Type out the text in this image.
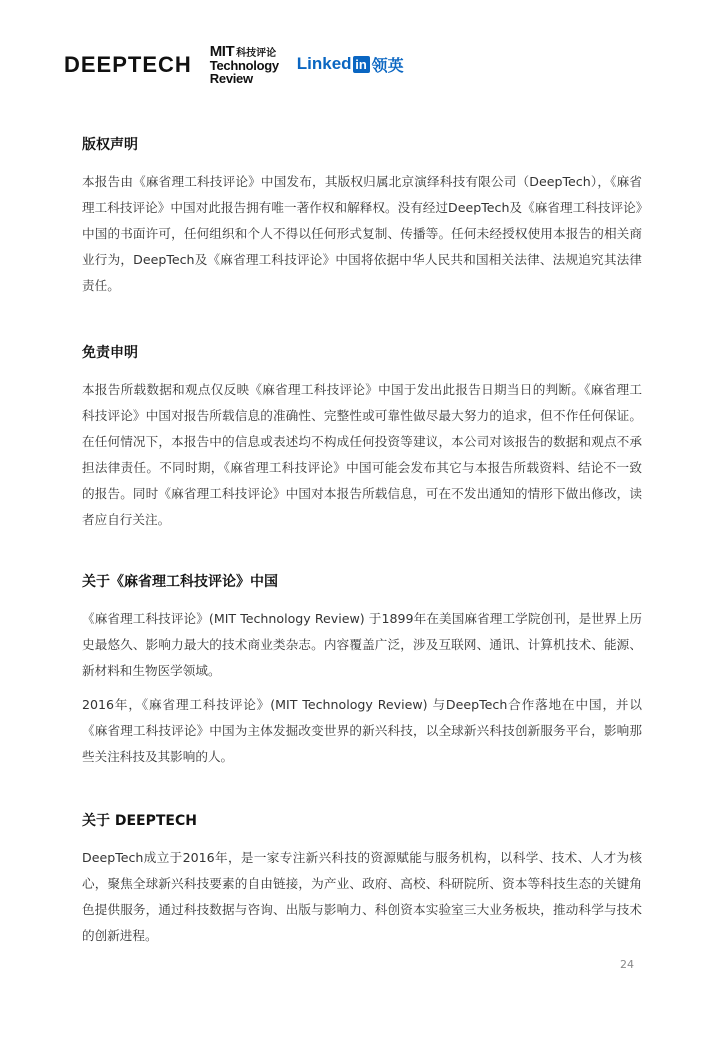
DEEPTECH
MIT 科技评论
Technology
Review
Linked in 领英
版权声明

本报告由《麻省理工科技评论》中国发布，其版权归属北京演绎科技有限公司（DeepTech），《麻省理工科技评论》中国对此报告拥有唯一著作权和解释权。没有经过DeepTech及《麻省理工科技评论》中国的书面许可，任何组织和个人不得以任何形式复制、传播等。任何未经授权使用本报告的相关商业行为，DeepTech及《麻省理工科技评论》中国将依据中华人民共和国相关法律、法规追究其法律责任。

免责申明

本报告所载数据和观点仅反映《麻省理工科技评论》中国于发出此报告日期当日的判断。《麻省理工科技评论》中国对报告所载信息的准确性、完整性或可靠性做尽最大努力的追求，但不作任何保证。在任何情况下，本报告中的信息或表述均不构成任何投资等建议，本公司对该报告的数据和观点不承担法律责任。不同时期，《麻省理工科技评论》中国可能会发布其它与本报告所载资料、结论不一致的报告。同时《麻省理工科技评论》中国对本报告所载信息，可在不发出通知的情形下做出修改，读者应自行关注。

关于《麻省理工科技评论》中国

《麻省理工科技评论》(MIT Technology Review) 于1899年在美国麻省理工学院创刊，是世界上历史最悠久、影响力最大的技术商业类杂志。内容覆盖广泛，涉及互联网、通讯、计算机技术、能源、新材料和生物医学领域。

2016年，《麻省理工科技评论》(MIT Technology Review) 与DeepTech合作落地在中国，并以《麻省理工科技评论》中国为主体发掘改变世界的新兴科技，以全球新兴科技创新服务平台，影响那些关注科技及其影响的人。

关于 DEEPTECH

DeepTech成立于2016年，是一家专注新兴科技的资源赋能与服务机构，以科学、技术、人才为核心，聚焦全球新兴科技要素的自由链接，为产业、政府、高校、科研院所、资本等科技生态的关键角色提供服务，通过科技数据与咨询、出版与影响力、科创资本实验室三大业务板块，推动科学与技术的创新进程。

24
